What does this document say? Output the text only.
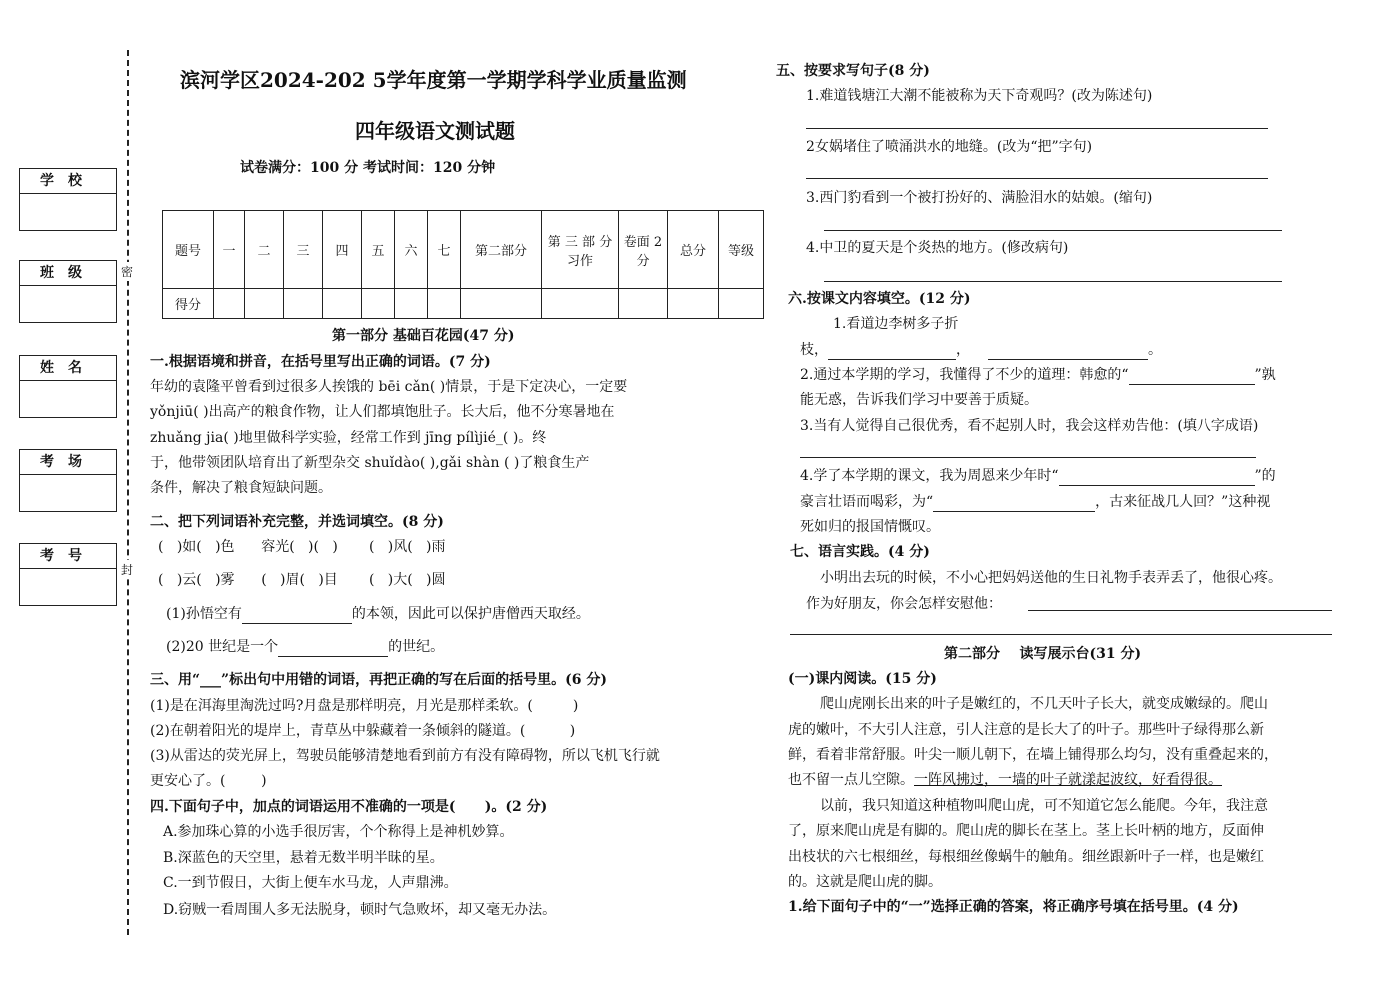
密
封
学校
班级
姓名
考场
考号
滨河学区2024-202 5学年度第一学期学科学业质量监测
四年级语文测试题
试卷满分：100 分 考试时间：120 分钟
题号	一	二	三	四	五	六	七	第二部分	第 三 部 分习作	卷面 2分	总分	等级
得分												
第一部分 基础百花园(47 分)
一.根据语境和拼音，在括号里写出正确的词语。(7 分)
年幼的袁隆平曾看到过很多人挨饿的 bēi cǎn( )情景，于是下定决心，一定要
yǒnjiū( )出高产的粮食作物，让人们都填饱肚子。长大后，他不分寒暑地在
zhuǎng jia( )地里做科学实验，经常工作到 jīng pílìjié_( )。终
于，他带领团队培育出了新型杂交 shuǐdào( ),gǎi shàn ( )了粮食生产
条件，解决了粮食短缺问题。
二、把下列词语补充完整，并选词填空。(8 分)
(   )如(   )色      容光(   )(   )       (   )风(   )雨
(   )云(   )雾      (   )眉(   )目       (   )大(   )圆
(1)孙悟空有	的本领，因此可以保护唐僧西天取经。
(2)20 世纪是一个	的世纪。
三、用“___”标出句中用错的词语，再把正确的写在后面的括号里。(6 分)
(1)是在洱海里淘洗过吗?月盘是那样明亮，月光是那样柔软。(         )
(2)在朝着阳光的堤岸上，青草丛中躲藏着一条倾斜的隧道。(          )
(3)从雷达的荧光屏上，驾驶员能够清楚地看到前方有没有障碍物，所以飞机飞行就
更安心了。(        )
四.下面句子中，加点的词语运用不准确的一项是(      )。(2 分)
A.参加珠心算的小选手很厉害，个个称得上是神机妙算。
B.深蓝色的天空里，悬着无数半明半昧的星。
C.一到节假日，大街上便车水马龙，人声鼎沸。
D.窃贼一看周围人多无法脱身，顿时气急败坏，却又毫无办法。
五、按要求写句子(8 分)
1.难道钱塘江大潮不能被称为天下奇观吗？(改为陈述句)
2女娲堵住了喷涌洪水的地缝。(改为“把”字句)
3.西门豹看到一个被打扮好的、满脸泪水的姑娘。(缩句)
4.中卫的夏天是个炎热的地方。(修改病句)
六.按课文内容填空。(12 分)
1.看道边李树多子折
枝，	，	。
2.通过本学期的学习，我懂得了不少的道理：韩愈的“	”孰
能无惑，告诉我们学习中要善于质疑。
3.当有人觉得自己很优秀，看不起别人时，我会这样劝告他：(填八字成语)
4.学了本学期的课文，我为周恩来少年时“	”的
豪言壮语而喝彩，为“	，古来征战几人回？”这种视
死如归的报国情慨叹。
七、语言实践。(4 分)
小明出去玩的时候，不小心把妈妈送他的生日礼物手表弄丢了，他很心疼。
作为好朋友，你会怎样安慰他：
第二部分    读写展示台(31 分)
(一)课内阅读。(15 分)
爬山虎刚长出来的叶子是嫩红的，不几天叶子长大，就变成嫩绿的。爬山
虎的嫩叶，不大引人注意，引人注意的是长大了的叶子。那些叶子绿得那么新
鲜，看着非常舒服。叶尖一顺儿朝下，在墙上铺得那么均匀，没有重叠起来的，
也不留一点儿空隙。一阵风拂过，一墙的叶子就漾起波纹，好看得很。
以前，我只知道这种植物叫爬山虎，可不知道它怎么能爬。今年，我注意
了，原来爬山虎是有脚的。爬山虎的脚长在茎上。茎上长叶柄的地方，反面伸
出枝状的六七根细丝，每根细丝像蜗牛的触角。细丝跟新叶子一样，也是嫩红
的。这就是爬山虎的脚。
1.给下面句子中的“一”选择正确的答案，将正确序号填在括号里。(4 分)
